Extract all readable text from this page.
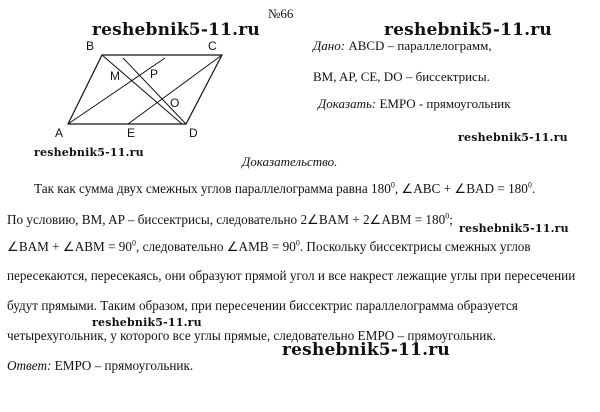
№66
reshebnik5-11.ru	reshebnik5-11.ru
reshebnik5-11.ru
reshebnik5-11.ru
reshebnik5-11.ru
reshebnik5-11.ru
reshebnik5-11.ru
B	C
A	D
E
M	P
O
Дано: ABCD – параллелограмм,
BM, AP, CE, DO – биссектрисы.
Доказать: EMPO - прямоугольник
Доказательство.
Так как сумма двух смежных углов параллелограмма равна $180^0$, ∠ABC + ∠BAD = $180^0$.
По условию, BM, AP – биссектрисы, следовательно 2∠BAM + 2∠ABM = $180^0$;
∠BAM + ∠ABM = $90^0$, следовательно ∠AMB = $90^0$. Поскольку биссектрисы смежных углов
пересекаются, пересекаясь, они образуют прямой угол и все накрест лежащие углы при пересечении
будут прямыми. Таким образом, при пересечении биссектрис параллелограмма образуется
четырехугольник, у которого все углы прямые, следовательно EMPO – прямоугольник.
Ответ: EMPO – прямоугольник.
